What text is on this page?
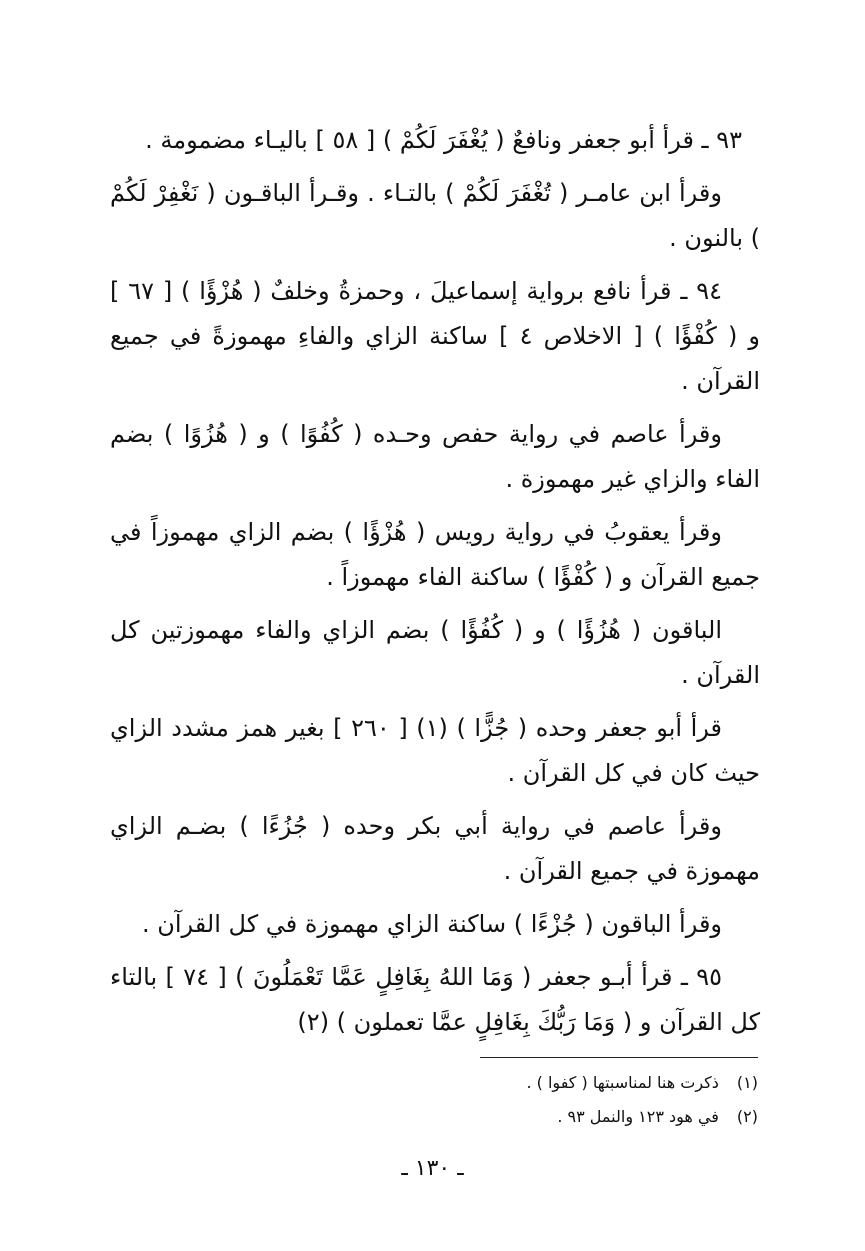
٩٣ ـ قرأ أبو جعفر ونافعٌ ( يُغْفَرَ لَكُمْ ) [ ٥٨ ] باليـاء مضمومة .

وقرأ ابن عامـر ( تُغْفَرَ لَكُمْ ) بالتـاء . وقـرأ الباقـون ( نَغْفِرْ لَكُمْ ) بالنون .

٩٤ ـ قرأ نافع برواية إسماعيلَ ، وحمزةُ وخلفٌ ( هُزْؤًا ) [ ٦٧ ] و ( كُفْؤًا ) [ الاخلاص ٤ ] ساكنة الزاي والفاءِ مهموزةً في جميع القرآن .

وقرأ عاصم في رواية حفص وحـده ( كُفُوًا ) و ( هُزُوًا ) بضم الفاء والزاي غير مهموزة .

وقرأ يعقوبُ في رواية رويس ( هُزْؤًا ) بضم الزاي مهموزاً في جميع القرآن و ( كُفْؤًا ) ساكنة الفاء مهموزاً .

الباقون ( هُزُؤًا ) و ( كُفُؤًا ) بضم الزاي والفاء مهموزتين كل القرآن .

قرأ أبو جعفر وحده ( جُزًّا ) (١) [ ٢٦٠ ] بغير همز مشدد الزاي حيث كان في كل القرآن .

وقرأ عاصم في رواية أبي بكر وحده ( جُزُءًا ) بضـم الزاي مهموزة في جميع القرآن .

وقرأ الباقون ( جُزْءًا ) ساكنة الزاي مهموزة في كل القرآن .

٩٥ ـ قرأ أبـو جعفر ( وَمَا اللهُ بِغَافِلٍ عَمَّا تَعْمَلُونَ ) [ ٧٤ ] بالتاء كل القرآن و ( وَمَا رَبُّكَ بِغَافِلٍ عمَّا تعملون ) (٢)

(١) ذكرت هنا لمناسبتها ( كفوا ) .
(٢) في هود ١٢٣ والنمل ٩٣ .
ـ ١٣٠ ـ
